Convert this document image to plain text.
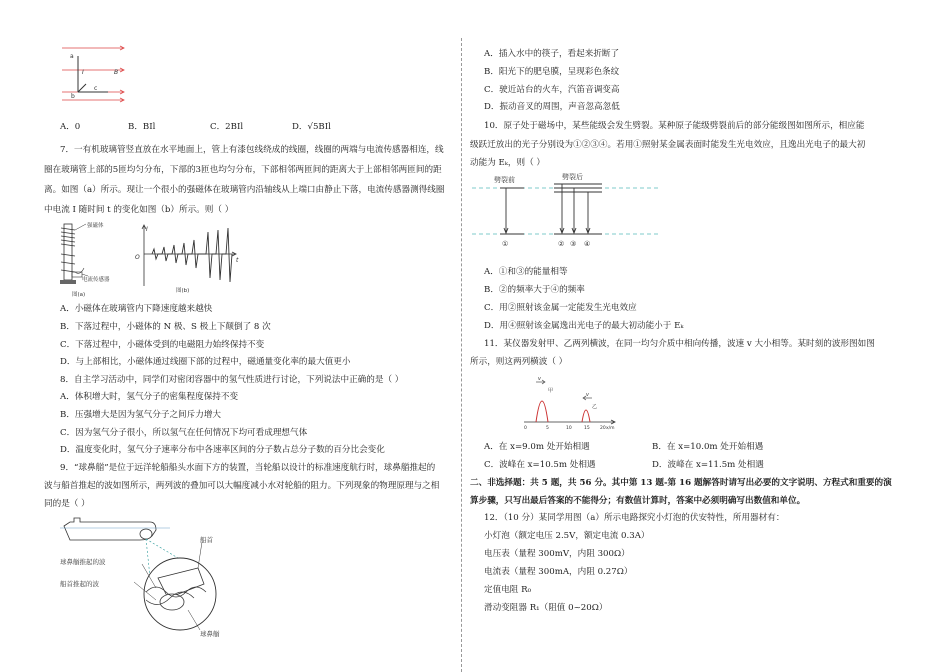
a
I	B
b
c
A．0	B．BIl	C．2BIl	D．√5BIl
7．一有机玻璃管竖直放在水平地面上，管上有漆包线绕成的线圈，线圈的两端与电流传感器相连，线
圈在玻璃管上部的5匝均匀分布，下部的3匝也均匀分布，下部相邻两匝间的距离大于上部相邻两匝间的距
离。如图（a）所示。现让一个很小的强磁体在玻璃管内沿轴线从上端口由静止下落，电流传感器测得线圈
中电流 I 随时间 t 的变化如图（b）所示。则（ ）
强磁体
电流传感器
图(a)
I
O	t
图(b)
A．小磁体在玻璃管内下降速度越来越快
B．下落过程中，小磁体的 N 极、S 极上下颠倒了 8 次
C．下落过程中，小磁体受到的电磁阻力始终保持不变
D．与上部相比，小磁体通过线圈下部的过程中，磁通量变化率的最大值更小
8．自主学习活动中，同学们对密闭容器中的氢气性质进行讨论，下列说法中正确的是（ ）
A．体积增大时，氢气分子的密集程度保持不变
B．压强增大是因为氢气分子之间斥力增大
C．因为氢气分子很小，所以氢气在任何情况下均可看成理想气体
D．温度变化时，氢气分子速率分布中各速率区间的分子数占总分子数的百分比会变化
9．“球鼻艏”是位于远洋轮船船头水面下方的装置，当轮船以设计的标准速度航行时，球鼻艏推起的
波与船首推起的波如图所示，两列波的叠加可以大幅度减小水对轮船的阻力。下列现象的物理原理与之相
同的是（ ）
船首
球鼻艏推起的波
船首推起的波
球鼻艏
A．插入水中的筷子，看起来折断了
B．阳光下的肥皂膜，呈现彩色条纹
C．驶近站台的火车，汽笛音调变高
D．振动音叉的周围，声音忽高忽低
10．原子处于磁场中，某些能级会发生劈裂。某种原子能级劈裂前后的部分能级图如图所示，相应能
级跃迁放出的光子分别设为①②③④。若用①照射某金属表面时能发生光电效应，且逸出光电子的最大初
动能为 Eₖ，则（ ）
劈裂前	劈裂后
①	② ③ ④
A．①和③的能量相等
B．②的频率大于④的频率
C．用②照射该金属一定能发生光电效应
D．用④照射该金属逸出光电子的最大初动能小于 Eₖ
11．某仪器发射甲、乙两列横波，在同一均匀介质中相向传播，波速 v 大小相等。某时刻的波形图如图
所示，则这两列横波（ ）
v
甲
v
乙
0	5	10	15 20 x/m
A．在 x=9.0m 处开始相遇	B．在 x=10.0m 处开始相遇
C．波峰在 x=10.5m 处相遇	D．波峰在 x=11.5m 处相遇
二、非选择题：共 5 题，共 56 分。其中第 13 题-第 16 题解答时请写出必要的文字说明、方程式和重要的演
算步骤，只写出最后答案的不能得分；有数值计算时，答案中必须明确写出数值和单位。
12．（10 分）某同学用图（a）所示电路探究小灯泡的伏安特性，所用器材有：
小灯泡（额定电压 2.5V，额定电流 0.3A）
电压表（量程 300mV，内阻 300Ω）
电流表（量程 300mA，内阻 0.27Ω）
定值电阻 R₀
滑动变阻器 R₁（阻值 0~20Ω）
